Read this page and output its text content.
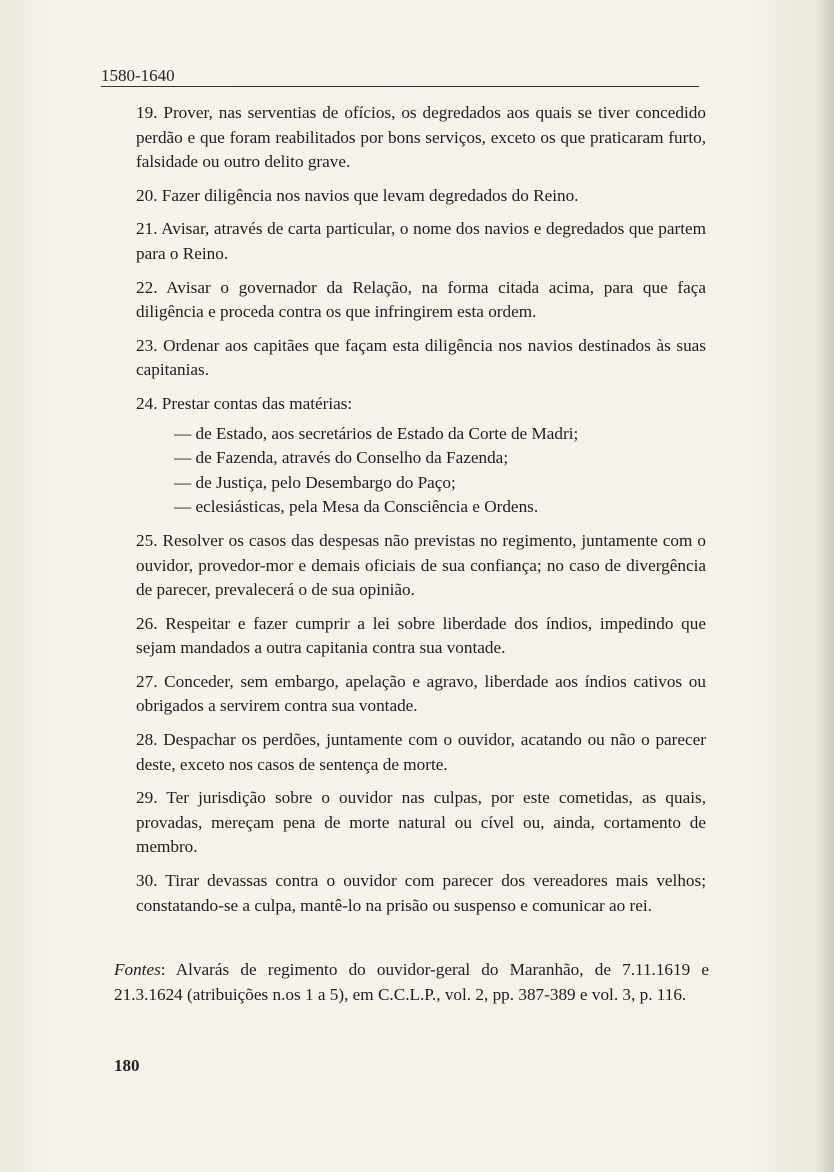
1580-1640

19. Prover, nas serventias de ofícios, os degredados aos quais se tiver concedido perdão e que foram reabilitados por bons serviços, exceto os que praticaram furto, falsidade ou outro delito grave.

20. Fazer diligência nos navios que levam degredados do Reino.

21. Avisar, através de carta particular, o nome dos navios e degredados que partem para o Reino.

22. Avisar o governador da Relação, na forma citada acima, para que faça diligência e proceda contra os que infringirem esta ordem.

23. Ordenar aos capitães que façam esta diligência nos navios destinados às suas capitanias.

24. Prestar contas das matérias:

— de Estado, aos secretários de Estado da Corte de Madri;
— de Fazenda, através do Conselho da Fazenda;
— de Justiça, pelo Desembargo do Paço;
— eclesiásticas, pela Mesa da Consciência e Ordens.

25. Resolver os casos das despesas não previstas no regimento, juntamente com o ouvidor, provedor-mor e demais oficiais de sua confiança; no caso de divergência de parecer, prevalecerá o de sua opinião.

26. Respeitar e fazer cumprir a lei sobre liberdade dos índios, impedindo que sejam mandados a outra capitania contra sua vontade.

27. Conceder, sem embargo, apelação e agravo, liberdade aos índios cativos ou obrigados a servirem contra sua vontade.

28. Despachar os perdões, juntamente com o ouvidor, acatando ou não o parecer deste, exceto nos casos de sentença de morte.

29. Ter jurisdição sobre o ouvidor nas culpas, por este cometidas, as quais, provadas, mereçam pena de morte natural ou cível ou, ainda, cortamento de membro.

30. Tirar devassas contra o ouvidor com parecer dos vereadores mais velhos; constatando-se a culpa, mantê-lo na prisão ou suspenso e comunicar ao rei.

Fontes: Alvarás de regimento do ouvidor-geral do Maranhão, de 7.11.1619 e 21.3.1624 (atribuições n.os 1 a 5), em C.C.L.P., vol. 2, pp. 387-389 e vol. 3, p. 116.
180
